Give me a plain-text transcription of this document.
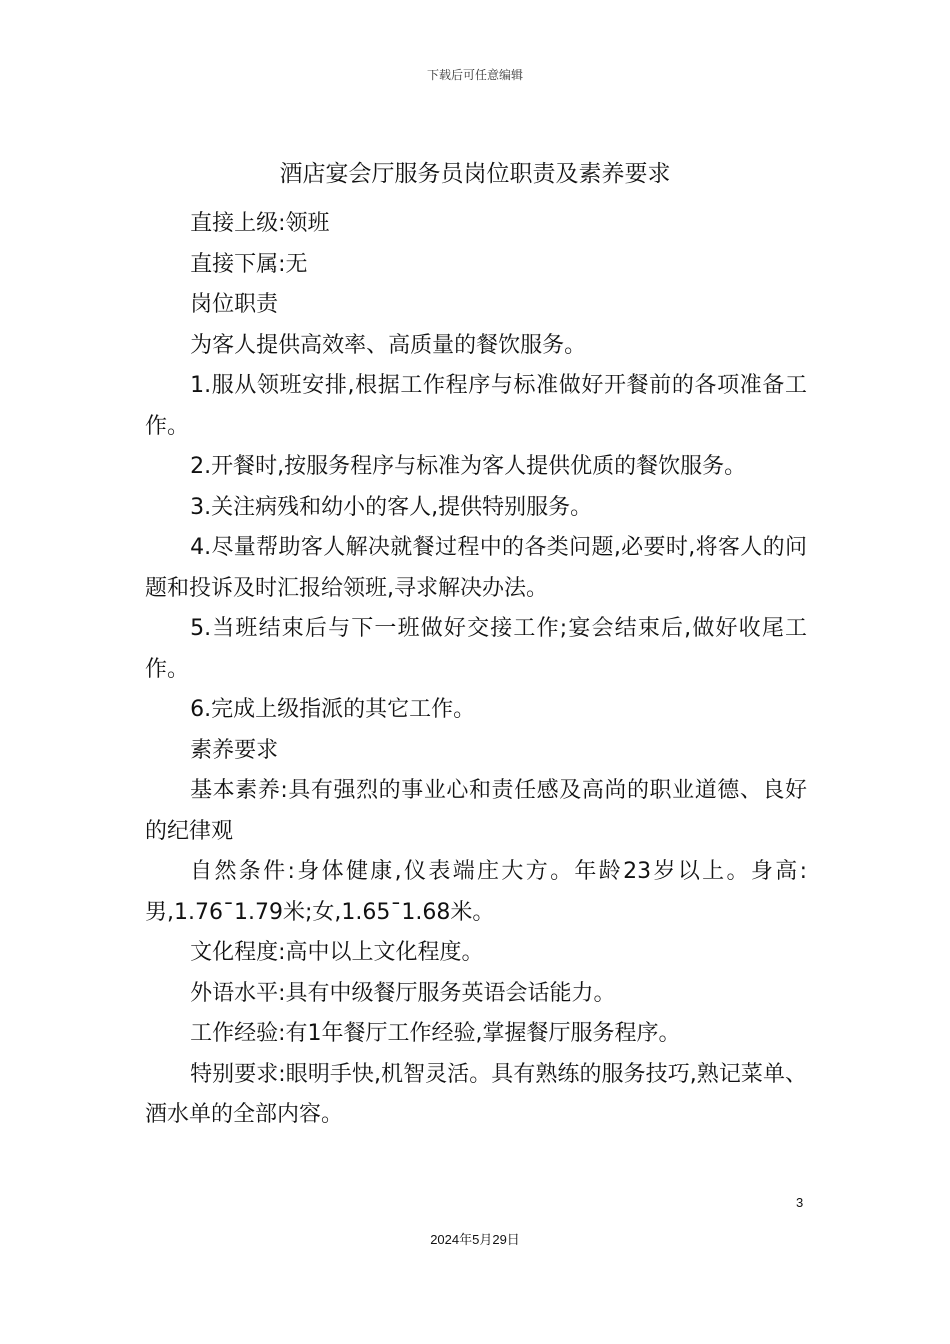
下载后可任意编辑
酒店宴会厅服务员岗位职责及素养要求

直接上级:领班

直接下属:无

岗位职责

为客人提供高效率、高质量的餐饮服务。

1.服从领班安排,根据工作程序与标准做好开餐前的各项准备工作。

2.开餐时,按服务程序与标准为客人提供优质的餐饮服务。

3.关注病残和幼小的客人,提供特别服务。

4.尽量帮助客人解决就餐过程中的各类问题,必要时,将客人的问题和投诉及时汇报给领班,寻求解决办法。

5.当班结束后与下一班做好交接工作;宴会结束后,做好收尾工作。

6.完成上级指派的其它工作。

素养要求

基本素养:具有强烈的事业心和责任感及高尚的职业道德、良好的纪律观

自然条件:身体健康,仪表端庄大方。年龄23岁以上。身高:男,1.76¯1.79米;女,1.65¯1.68米。

文化程度:高中以上文化程度。

外语水平:具有中级餐厅服务英语会话能力。

工作经验:有1年餐厅工作经验,掌握餐厅服务程序。

特别要求:眼明手快,机智灵活。具有熟练的服务技巧,熟记菜单、酒水单的全部内容。

3
2024年5月29日
